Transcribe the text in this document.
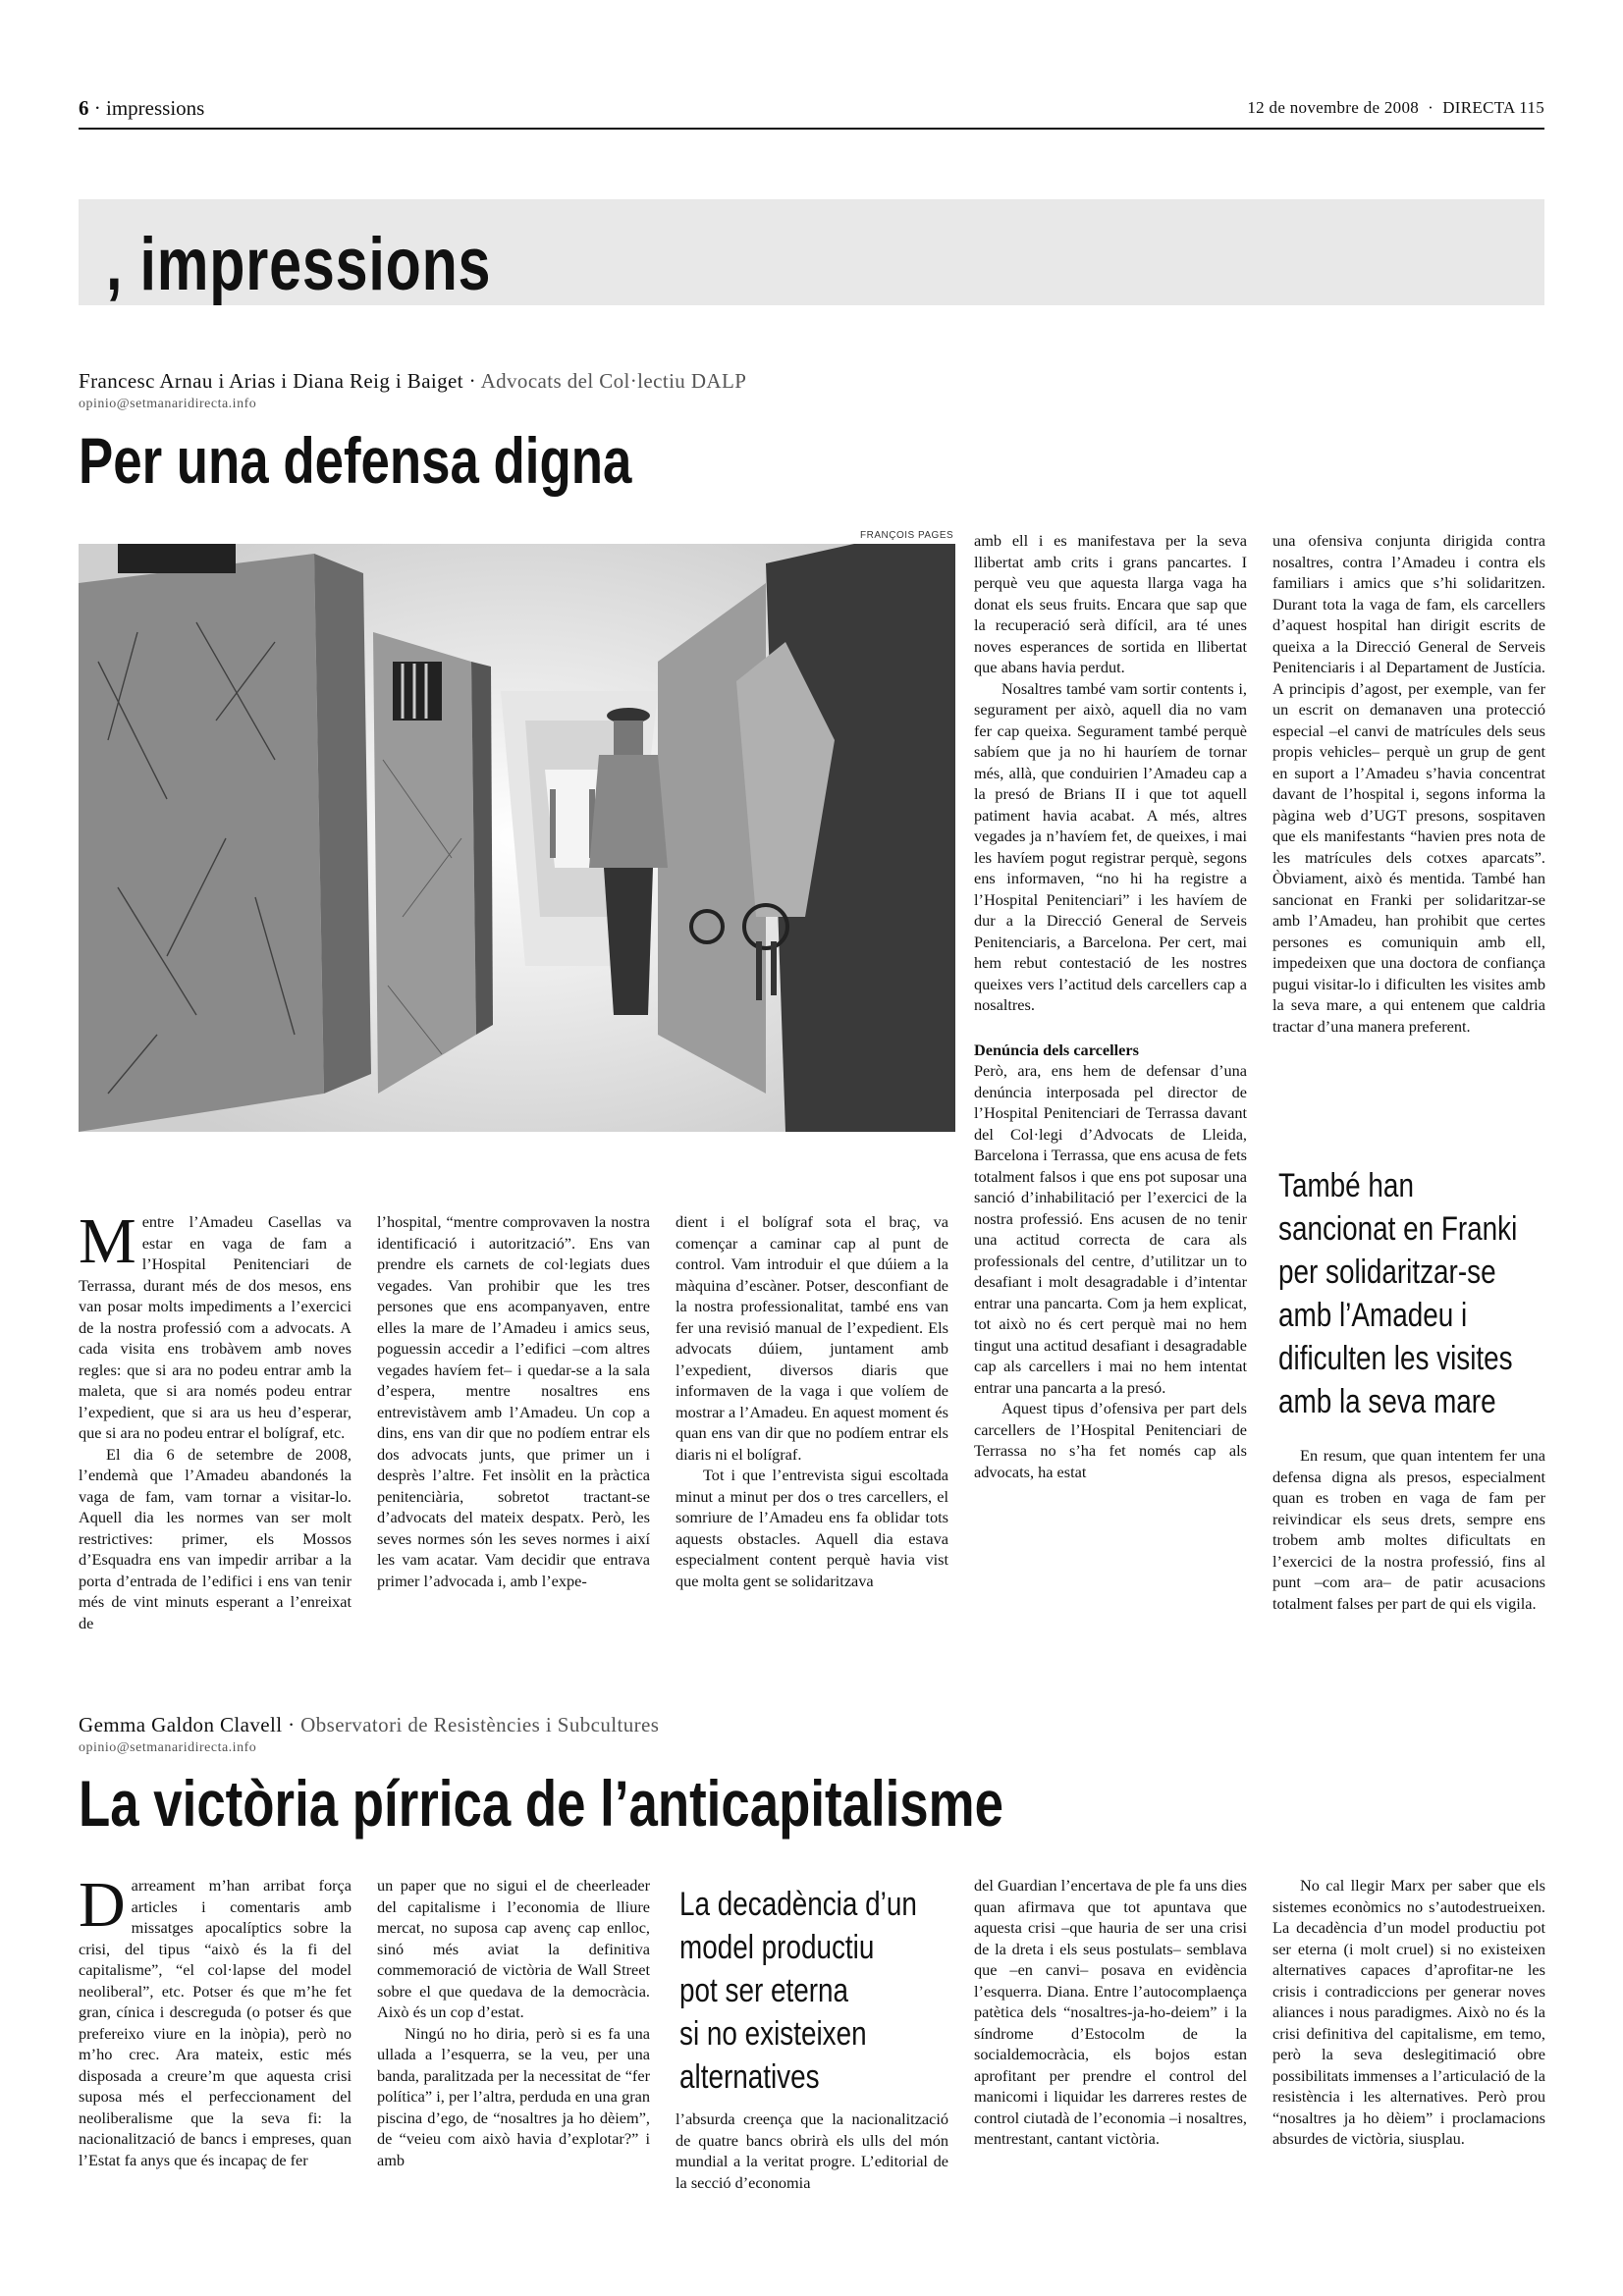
6 · impressions	12 de novembre de 2008  ·  DIRECTA 115
, impressions
Francesc Arnau i Arias i Diana Reig i Baiget · Advocats del Col·lectiu DALP
opinio@setmanaridirecta.info
Per una defensa digna
FRANÇOIS PAGES

Mentre l’Amadeu Casellas va estar en vaga de fam a l’Hospital Penitenciari de Terrassa, durant més de dos mesos, ens van posar molts impediments a l’exercici de la nostra professió com a advocats. A cada visita ens trobàvem amb noves regles: que si ara no podeu entrar amb la maleta, que si ara només podeu entrar l’expedient, que si ara us heu d’esperar, que si ara no podeu entrar el bolígraf, etc.

El dia 6 de setembre de 2008, l’endemà que l’Amadeu abandonés la vaga de fam, vam tornar a visitar-lo. Aquell dia les normes van ser molt restrictives: primer, els Mossos d’Esquadra ens van impedir arribar a la porta d’entrada de l’edifici i ens van tenir més de vint minuts esperant a l’enreixat de

l’hospital, “mentre comprovaven la nostra identificació i autorització”. Ens van prendre els carnets de col·legiats dues vegades. Van prohibir que les tres persones que ens acompanyaven, entre elles la mare de l’Amadeu i amics seus, poguessin accedir a l’edifici –com altres vegades havíem fet– i quedar-se a la sala d’espera, mentre nosaltres ens entrevistàvem amb l’Amadeu. Un cop a dins, ens van dir que no podíem entrar els dos advocats junts, que primer un i desprès l’altre. Fet insòlit en la pràctica penitenciària, sobretot tractant-se d’advocats del mateix despatx. Però, les seves normes són les seves normes i així les vam acatar. Vam decidir que entrava primer l’advocada i, amb l’expe-

dient i el bolígraf sota el braç, va començar a caminar cap al punt de control. Vam introduir el que dúiem a la màquina d’escàner. Potser, desconfiant de la nostra professionalitat, també ens van fer una revisió manual de l’expedient. Els advocats dúiem, juntament amb l’expedient, diversos diaris que informaven de la vaga i que volíem de mostrar a l’Amadeu. En aquest moment és quan ens van dir que no podíem entrar els diaris ni el bolígraf.

Tot i que l’entrevista sigui escoltada minut a minut per dos o tres carcellers, el somriure de l’Amadeu ens fa oblidar tots aquests obstacles. Aquell dia estava especialment content perquè havia vist que molta gent se solidaritzava

amb ell i es manifestava per la seva llibertat amb crits i grans pancartes. I perquè veu que aquesta llarga vaga ha donat els seus fruits. Encara que sap que la recuperació serà difícil, ara té unes noves esperances de sortida en llibertat que abans havia perdut.

Nosaltres també vam sortir contents i, segurament per això, aquell dia no vam fer cap queixa. Segurament també perquè sabíem que ja no hi hauríem de tornar més, allà, que conduirien l’Amadeu cap a la presó de Brians II i que tot aquell patiment havia acabat. A més, altres vegades ja n’havíem fet, de queixes, i mai les havíem pogut registrar perquè, segons ens informaven, “no hi ha registre a l’Hospital Penitenciari” i les havíem de dur a la Direcció General de Serveis Penitenciaris, a Barcelona. Per cert, mai hem rebut contestació de les nostres queixes vers l’actitud dels carcellers cap a nosaltres.

Denúncia dels carcellers

Però, ara, ens hem de defensar d’una denúncia interposada pel director de l’Hospital Penitenciari de Terrassa davant del Col·legi d’Advocats de Lleida, Barcelona i Terrassa, que ens acusa de fets totalment falsos i que ens pot suposar una sanció d’inhabilitació per l’exercici de la nostra professió. Ens acusen de no tenir una actitud correcta de cara als professionals del centre, d’utilitzar un to desafiant i molt desagradable i d’intentar entrar una pancarta. Com ja hem explicat, tot això no és cert perquè mai no hem tingut una actitud desafiant i desagradable cap als carcellers i mai no hem intentat entrar una pancarta a la presó.

Aquest tipus d’ofensiva per part dels carcellers de l’Hospital Penitenciari de Terrassa no s’ha fet només cap als advocats, ha estat

una ofensiva conjunta dirigida contra nosaltres, contra l’Amadeu i contra els familiars i amics que s’hi solidaritzen. Durant tota la vaga de fam, els carcellers d’aquest hospital han dirigit escrits de queixa a la Direcció General de Serveis Penitenciaris i al Departament de Justícia. A principis d’agost, per exemple, van fer un escrit on demanaven una protecció especial –el canvi de matrícules dels seus propis vehicles– perquè un grup de gent en suport a l’Amadeu s’havia concentrat davant de l’hospital i, segons informa la pàgina web d’UGT presons, sospitaven que els manifestants “havien pres nota de les matrícules dels cotxes aparcats”. Òbviament, això és mentida. També han sancionat en Franki per solidaritzar-se amb l’Amadeu, han prohibit que certes persones es comuniquin amb ell, impedeixen que una doctora de confiança pugui visitar-lo i dificulten les visites amb la seva mare, a qui entenem que caldria tractar d’una manera preferent.

També han
sancionat en Franki
per solidaritzar-se
amb l’Amadeu i
dificulten les visites
amb la seva mare

En resum, que quan intentem fer una defensa digna als presos, especialment quan es troben en vaga de fam per reivindicar els seus drets, sempre ens trobem amb moltes dificultats en l’exercici de la nostra professió, fins al punt –com ara– de patir acusacions totalment falses per part de qui els vigila.

Gemma Galdon Clavell · Observatori de Resistències i Subcultures
opinio@setmanaridirecta.info
La victòria pírrica de l’anticapitalisme

Darreament m’han arribat força articles i comentaris amb missatges apocalíptics sobre la crisi, del tipus “això és la fi del capitalisme”, “el col·lapse del model neoliberal”, etc. Potser és que m’he fet gran, cínica i descreguda (o potser és que prefereixo viure en la inòpia), però no m’ho crec. Ara mateix, estic més disposada a creure’m que aquesta crisi suposa més el perfeccionament del neoliberalisme que la seva fi: la nacionalització de bancs i empreses, quan l’Estat fa anys que és incapaç de fer

un paper que no sigui el de cheerleader del capitalisme i l’economia de lliure mercat, no suposa cap avenç cap enlloc, sinó més aviat la definitiva commemoració de victòria de Wall Street sobre el que quedava de la democràcia. Això és un cop d’estat.

Ningú no ho diria, però si es fa una ullada a l’esquerra, se la veu, per una banda, paralitzada per la necessitat de “fer política” i, per l’altra, perduda en una gran piscina d’ego, de “nosaltres ja ho dèiem”, de “veieu com això havia d’explotar?” i amb

La decadència d’un
model productiu
pot ser eterna
si no existeixen
alternatives

l’absurda creença que la nacionalització de quatre bancs obrirà els ulls del món mundial a la veritat progre. L’editorial de la secció d’economia

del Guardian l’encertava de ple fa uns dies quan afirmava que tot apuntava que aquesta crisi –que hauria de ser una crisi de la dreta i els seus postulats– semblava que –en canvi– posava en evidència l’esquerra. Diana. Entre l’autocomplaença patètica dels “nosaltres-ja-ho-deiem” i la síndrome d’Estocolm de la socialdemocràcia, els bojos estan aprofitant per prendre el control del manicomi i liquidar les darreres restes de control ciutadà de l’economia –i nosaltres, mentrestant, cantant victòria.

No cal llegir Marx per saber que els sistemes econòmics no s’autodestrueixen. La decadència d’un model productiu pot ser eterna (i molt cruel) si no existeixen alternatives capaces d’aprofitar-ne les crisis i contradiccions per generar noves aliances i nous paradigmes. Això no és la crisi definitiva del capitalisme, em temo, però la seva deslegitimació obre possibilitats immenses a l’articulació de la resistència i les alternatives. Però prou “nosaltres ja ho dèiem” i proclamacions absurdes de victòria, siusplau.
